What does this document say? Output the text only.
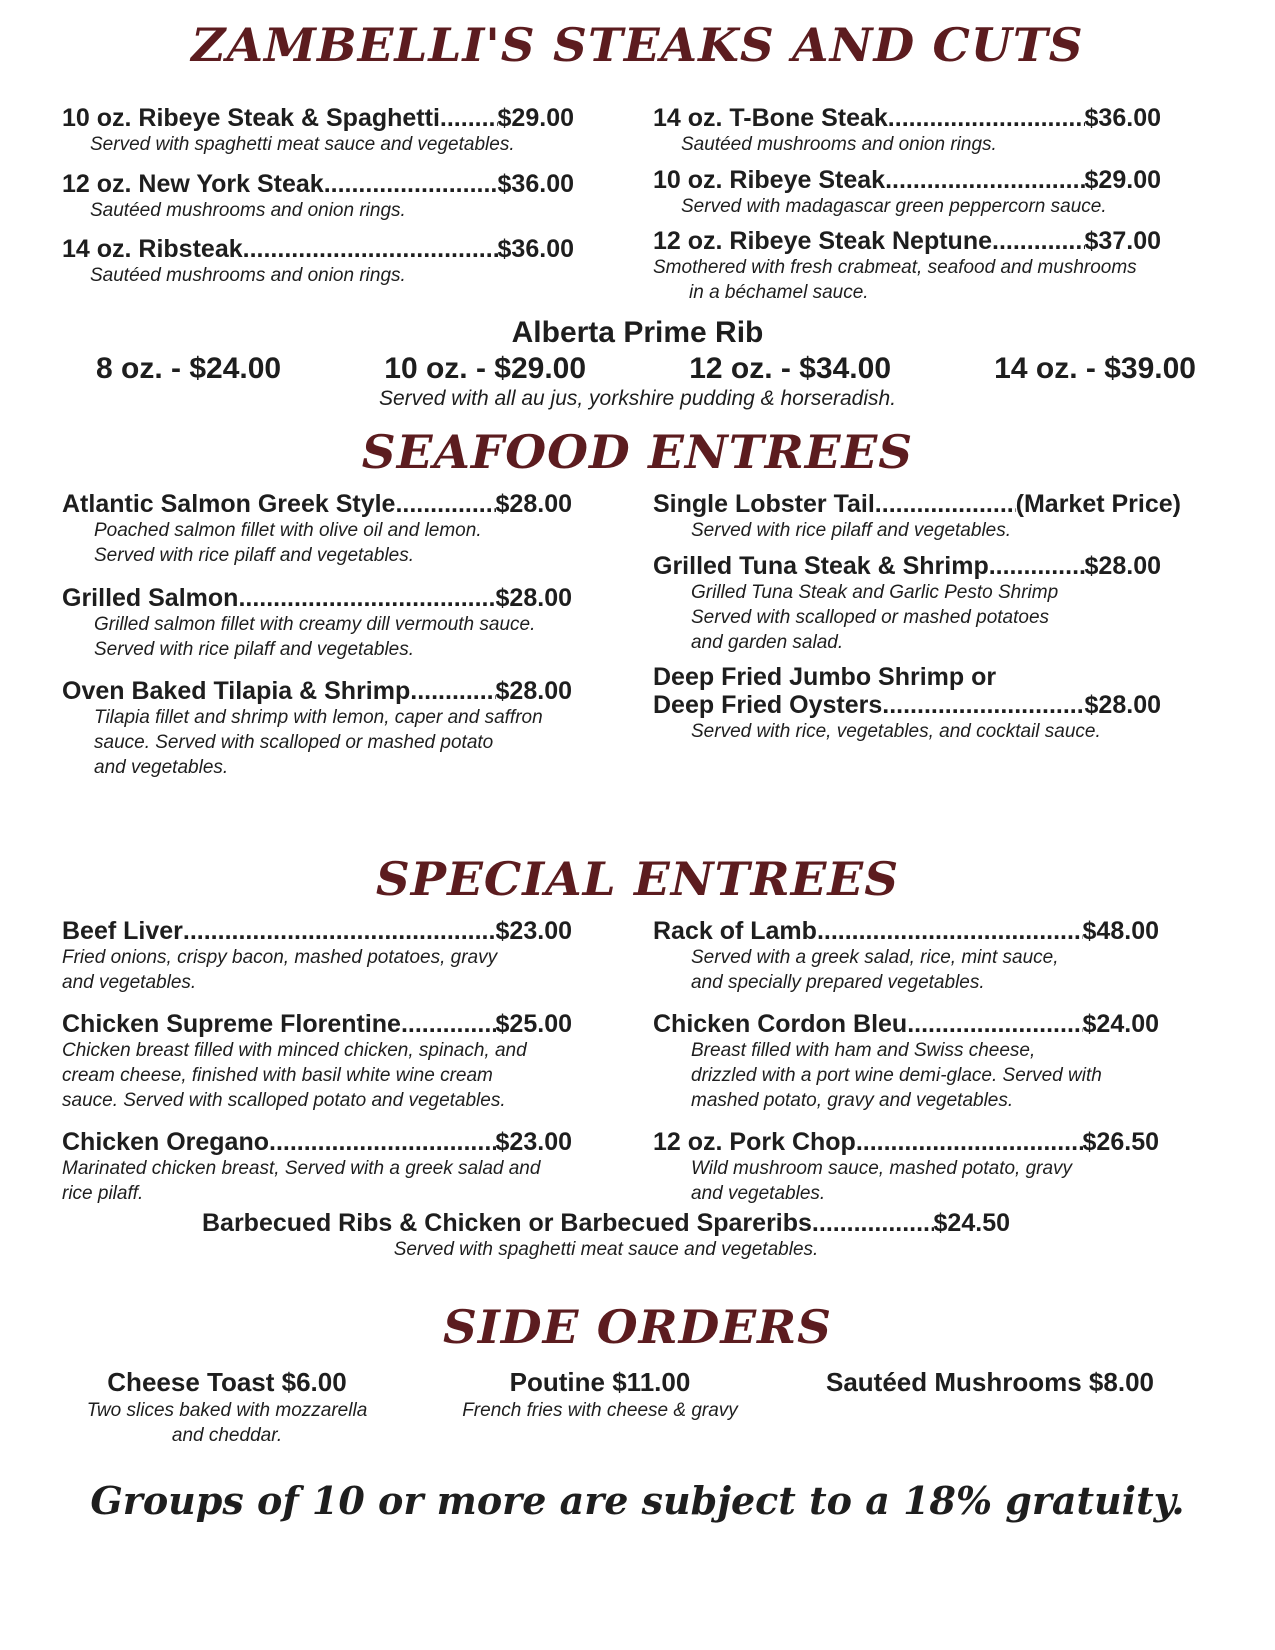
ZAMBELLI'S STEAKS AND CUTS
10 oz. Ribeye Steak & Spaghetti ..... $29.00
Served with spaghetti meat sauce and vegetables.
12 oz. New York Steak .....	$36.00
Sautéed mushrooms and onion rings.
14 oz. Ribsteak .....	$36.00
Sautéed mushrooms and onion rings.
14 oz. T-Bone Steak .....	$36.00
Sautéed mushrooms and onion rings.
10 oz. Ribeye Steak .....	$29.00
Served with madagascar green peppercorn sauce.
12 oz. Ribeye Steak Neptune .....	$37.00
Smothered with fresh crabmeat, seafood and mushrooms
in a béchamel sauce.
Alberta Prime Rib
8 oz. - $24.00	10 oz. - $29.00	12 oz. - $34.00	14 oz. - $39.00
Served with all au jus, yorkshire pudding & horseradish.
SEAFOOD ENTREES
Atlantic Salmon Greek Style .....	$28.00
Poached salmon fillet with olive oil and lemon.
Served with rice pilaff and vegetables.
Grilled Salmon .....	$28.00
Grilled salmon fillet with creamy dill vermouth sauce.
Served with rice pilaff and vegetables.
Oven Baked Tilapia & Shrimp .....	$28.00
Tilapia fillet and shrimp with lemon, caper and saffron
sauce. Served with scalloped or mashed potato
and vegetables.
Single Lobster Tail .....	(Market Price)
Served with rice pilaff and vegetables.
Grilled Tuna Steak & Shrimp .....	$28.00
Grilled Tuna Steak and Garlic Pesto Shrimp
Served with scalloped or mashed potatoes
and garden salad.
Deep Fried Jumbo Shrimp or
Deep Fried Oysters .....	$28.00
Served with rice, vegetables, and cocktail sauce.
SPECIAL ENTREES
Beef Liver .....	$23.00
Fried onions, crispy bacon, mashed potatoes, gravy
and vegetables.
Chicken Supreme Florentine .....	$25.00
Chicken breast filled with minced chicken, spinach, and
cream cheese, finished with basil white wine cream
sauce. Served with scalloped potato and vegetables.
Chicken Oregano .....	$23.00
Marinated chicken breast, Served with a greek salad and
rice pilaff.
Rack of Lamb .....	$48.00
Served with a greek salad, rice, mint sauce,
and specially prepared vegetables.
Chicken Cordon Bleu .....	$24.00
Breast filled with ham and Swiss cheese,
drizzled with a port wine demi-glace. Served with
mashed potato, gravy and vegetables.
12 oz. Pork Chop .....	$26.50
Wild mushroom sauce, mashed potato, gravy
and vegetables.
Barbecued Ribs & Chicken or Barbecued Spareribs .....	$24.50
Served with spaghetti meat sauce and vegetables.
SIDE ORDERS
Cheese Toast $6.00
Two slices baked with mozzarella
and cheddar.
Poutine $11.00
French fries with cheese & gravy
Sautéed Mushrooms $8.00
Groups of 10 or more are subject to a 18% gratuity.
